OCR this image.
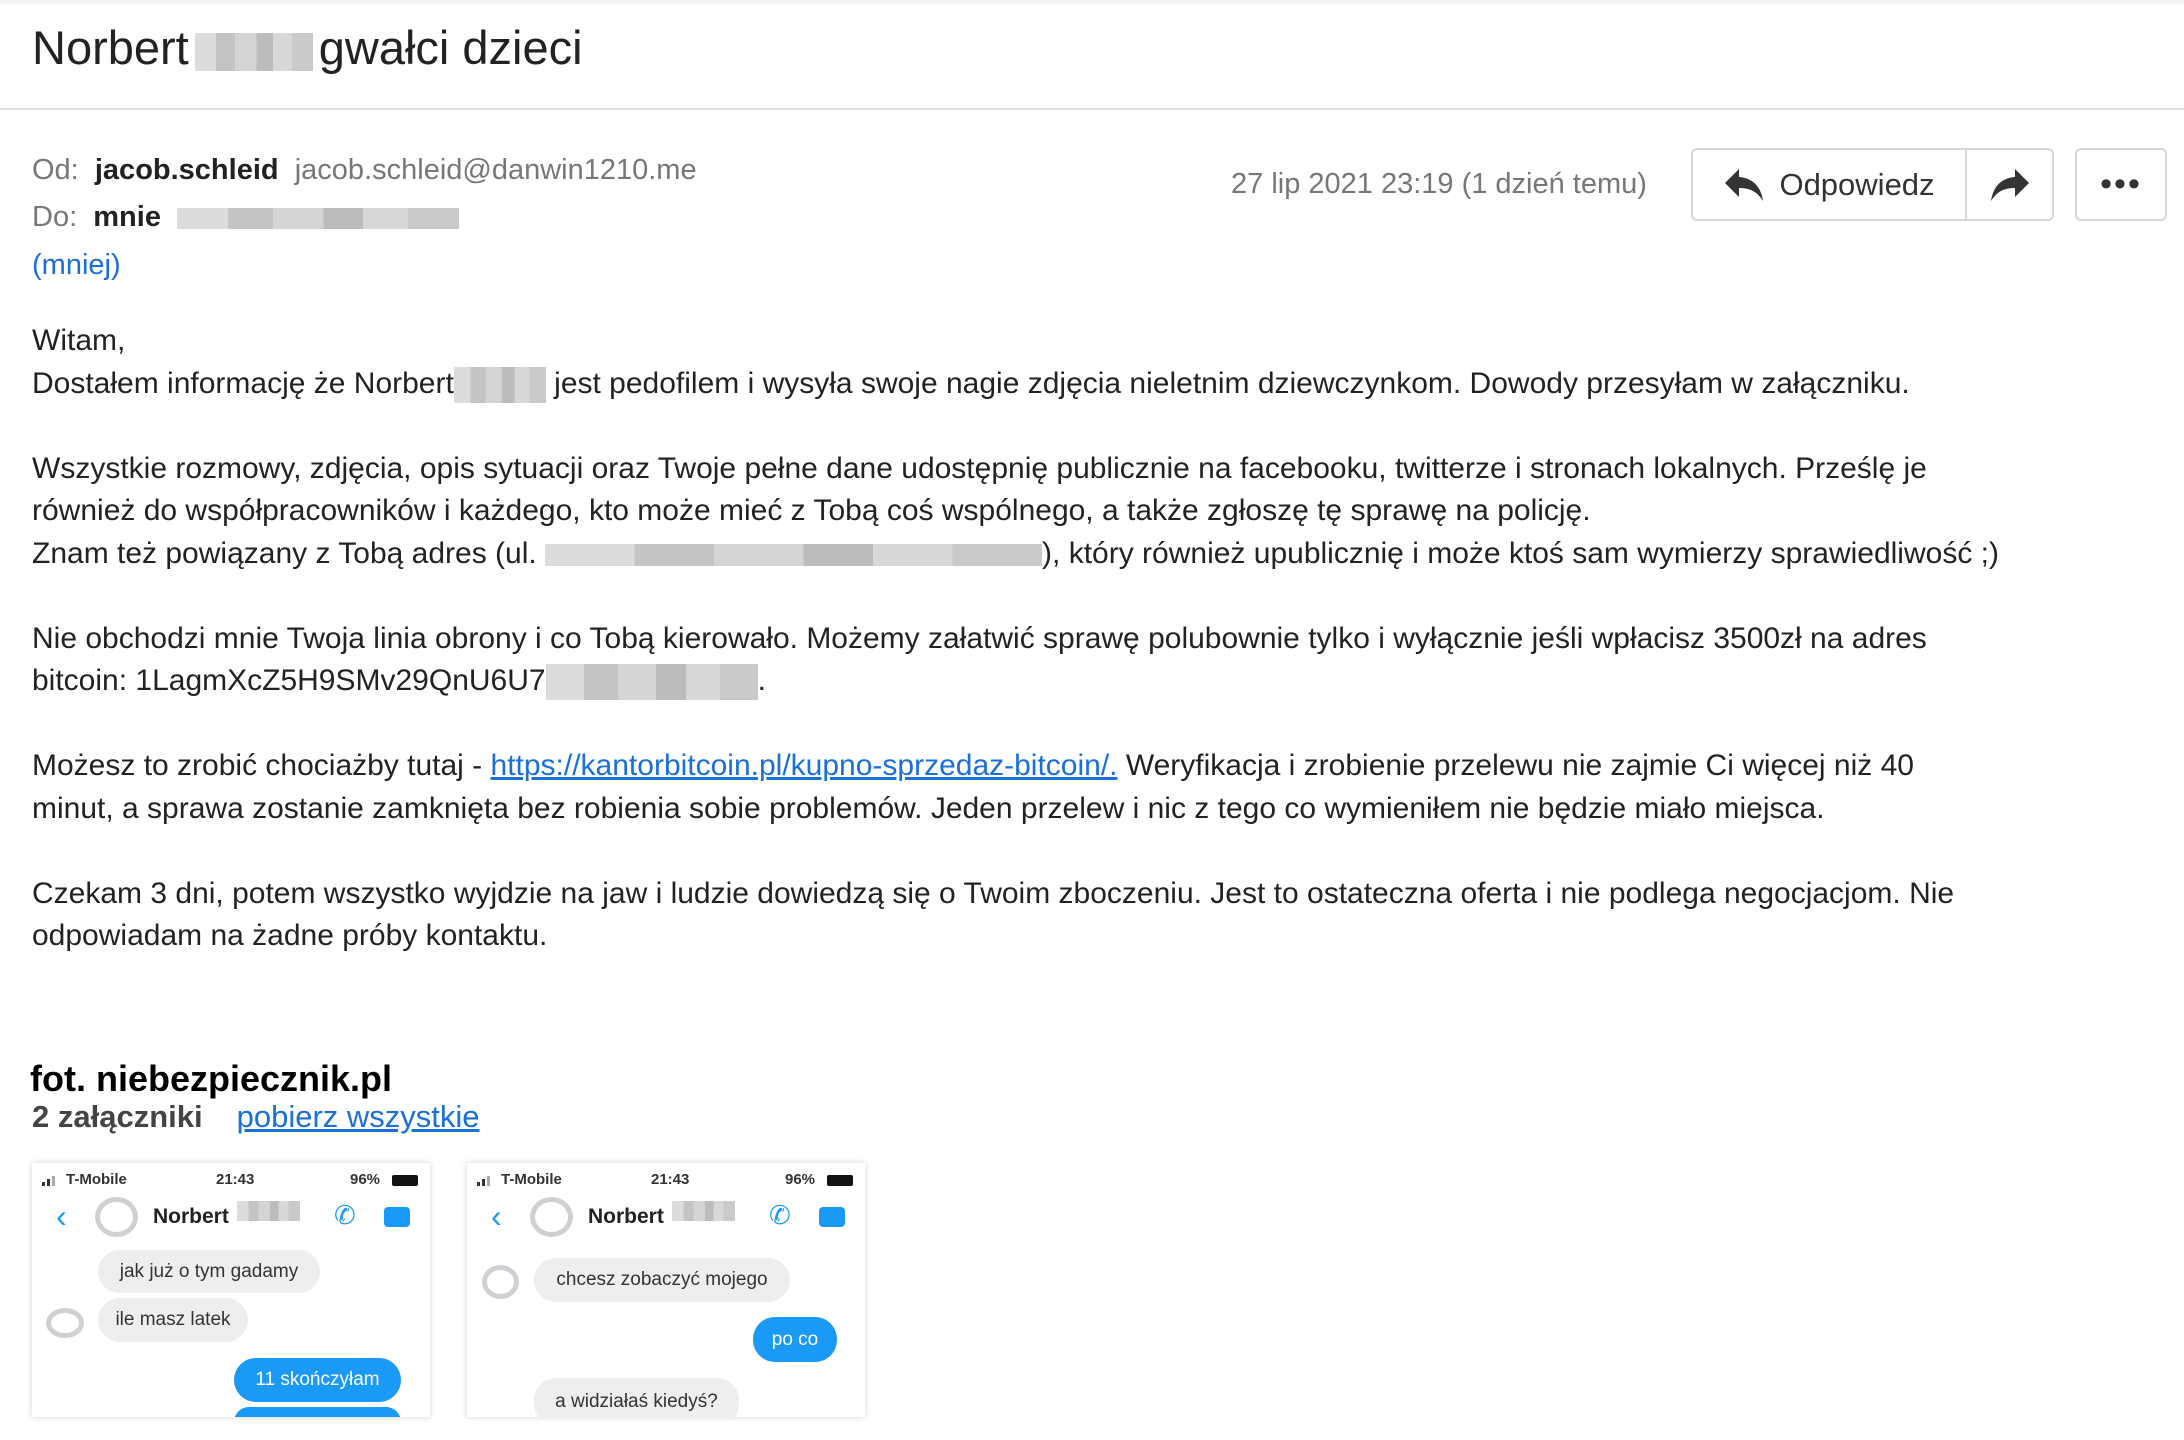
Norbert	gwałci dzieci
Od: jacob.schleid jacob.schleid@danwin1210.me
Do: mnie
(mniej)
27 lip 2021 23:19 (1 dzień temu)	Odpowiedz	•••
Witam,
Dostałem informację że Norbert	jest pedofilem i wysyła swoje nagie zdjęcia nieletnim dziewczynkom. Dowody przesyłam w załączniku.
Wszystkie rozmowy, zdjęcia, opis sytuacji oraz Twoje pełne dane udostępnię publicznie na facebooku, twitterze i stronach lokalnych. Prześlę je
również do współpracowników i każdego, kto może mieć z Tobą coś wspólnego, a także zgłoszę tę sprawę na policję.
Znam też powiązany z Tobą adres (ul.	), który również upublicznię i może ktoś sam wymierzy sprawiedliwość ;)
Nie obchodzi mnie Twoja linia obrony i co Tobą kierowało. Możemy załatwić sprawę polubownie tylko i wyłącznie jeśli wpłacisz 3500zł na adres
bitcoin: 1LagmXcZ5H9SMv29QnU6U7	.
Możesz to zrobić chociażby tutaj - https://kantorbitcoin.pl/kupno-sprzedaz-bitcoin/. Weryfikacja i zrobienie przelewu nie zajmie Ci więcej niż 40
minut, a sprawa zostanie zamknięta bez robienia sobie problemów. Jeden przelew i nic z tego co wymieniłem nie będzie miało miejsca.
Czekam 3 dni, potem wszystko wyjdzie na jaw i ludzie dowiedzą się o Twoim zboczeniu. Jest to ostateczna oferta i nie podlega negocjacjom. Nie
odpowiadam na żadne próby kontaktu.
fot. niebezpiecznik.pl
2 załączniki pobierz wszystkie
T-Mobile	21:43	96%
‹	Norbert	✆
jak już o tym gadamy
ile masz latek
11 skończyłam
T-Mobile	21:43	96%
‹	Norbert	✆
chcesz zobaczyć mojego
po co
a widziałaś kiedyś?
